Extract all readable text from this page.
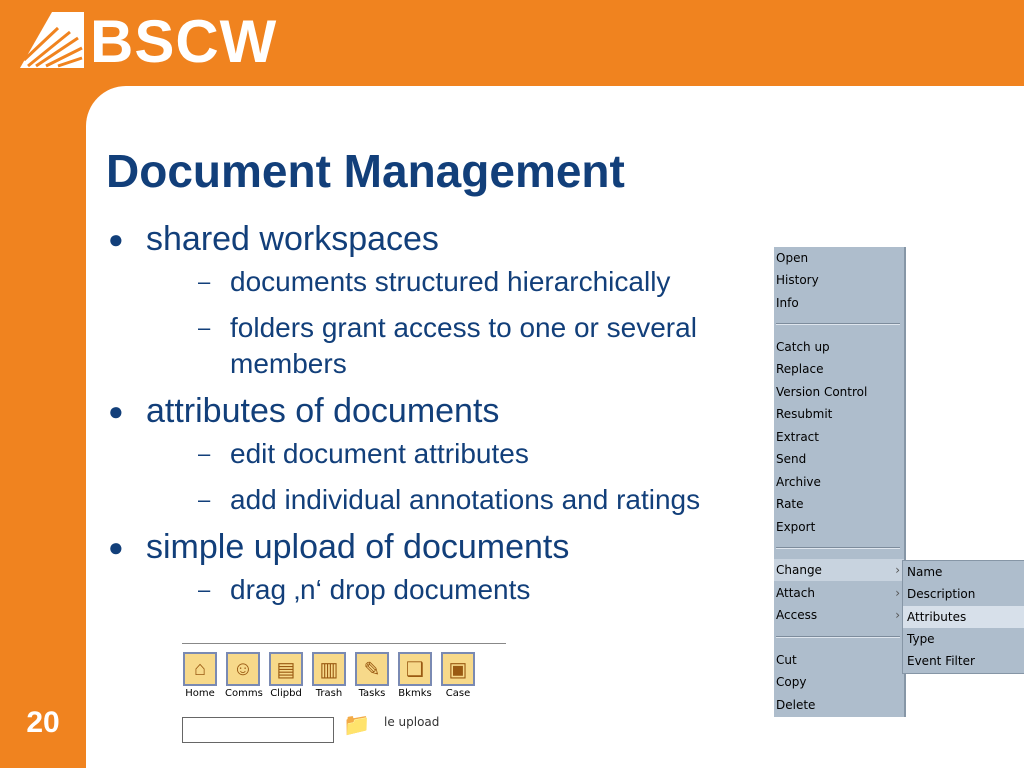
BSCW
Document Management
● shared workspaces
– documents structured hierarchically
– folders grant access to one or several members
● attributes of documents
– edit document attributes
– add individual annotations and ratings
● simple upload of documents
– drag ‚n‘ drop documents
⌂
Home
☺
Comms
▤
Clipbd
▥
Trash
✎
Tasks
❑
Bkmks
▣
Case
📁	le upload
20
Open
History
Info
Catch up
Replace
Version Control
Resubmit
Extract
Send
Archive
Rate
Export
Change	›
Attach	›
Access	›
Cut
Copy
Delete
Name
Description
Attributes
Type
Event Filter
